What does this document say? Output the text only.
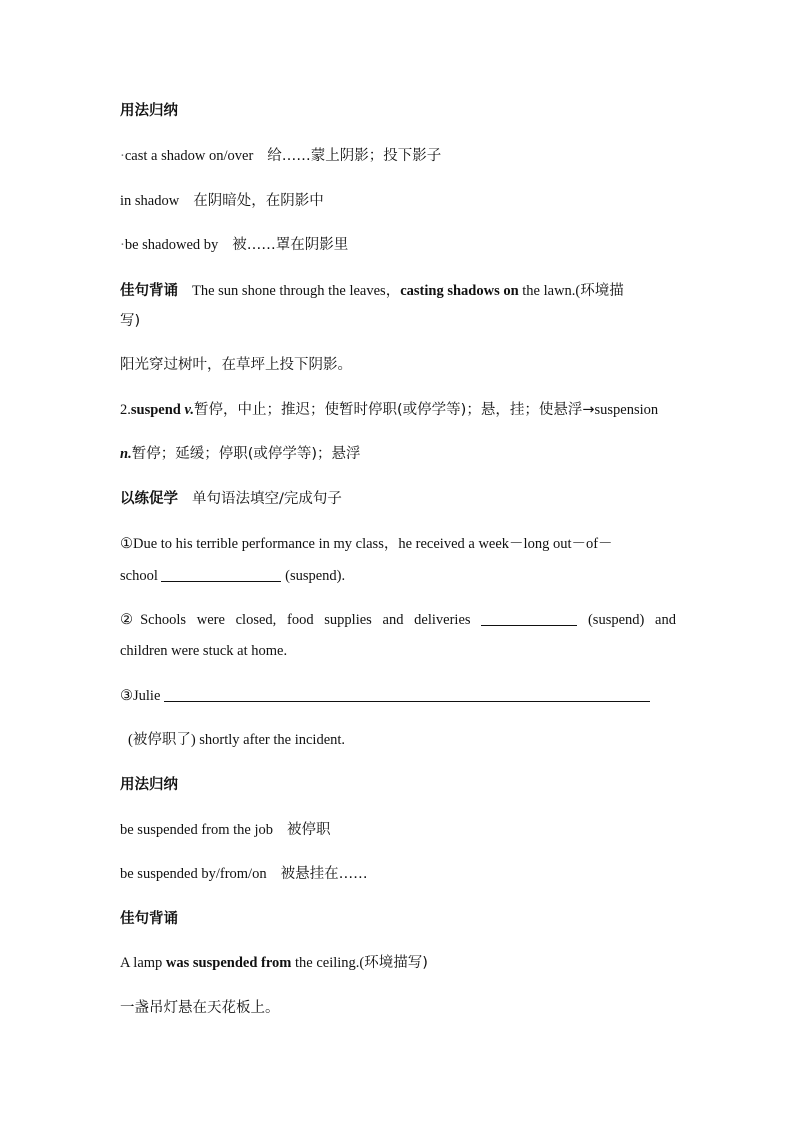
用法归纳
·cast a shadow on/over 给……蒙上阴影；投下影子
in shadow 在阴暗处，在阴影中
·be shadowed by 被……罩在阴影里
佳句背诵 The sun shone through the leaves，casting shadows on the lawn.(环境描
写)
阳光穿过树叶，在草坪上投下阴影。
2.suspend v.暂停，中止；推迟；使暂时停职(或停学等)；悬，挂；使悬浮→suspension
n.暂停；延缓；停职(或停学等)；悬浮
以练促学 单句语法填空/完成句子
①Due to his terrible performance in my class，he received a week－long out－of－
school	(suspend).
②Schools were closed, food supplies and deliveries	(suspend) and
children were stuck at home.
③Julie
(被停职了) shortly after the incident.
用法归纳
be suspended from the job 被停职
be suspended by/from/on 被悬挂在……
佳句背诵
A lamp was suspended from the ceiling.(环境描写)
一盏吊灯悬在天花板上。
